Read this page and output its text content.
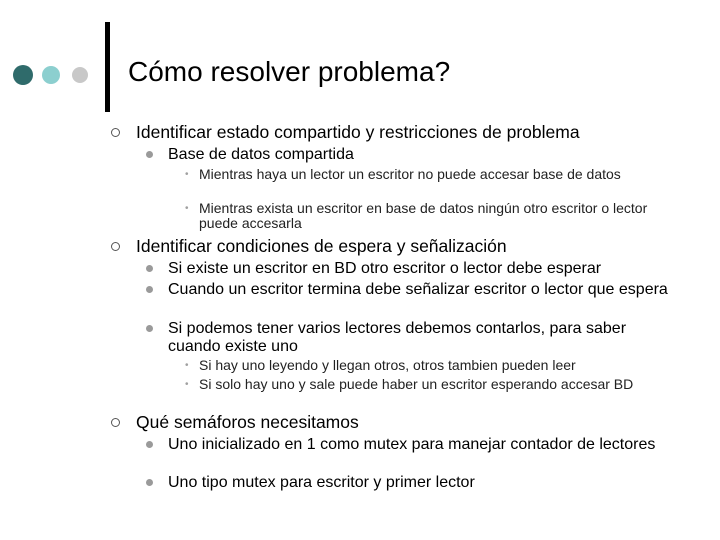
Cómo resolver problema?
Identificar estado compartido y restricciones de problema
Base de datos compartida
• Mientras haya un lector un escritor no puede accesar base de datos
• Mientras exista un escritor en base de datos ningún otro escritor o lector puede accesarla
Identificar condiciones de espera y señalización
Si existe un escritor en BD otro escritor o lector debe esperar
Cuando un escritor termina debe señalizar escritor o lector que espera
Si podemos tener varios lectores debemos contarlos, para saber cuando existe uno
• Si hay uno leyendo y llegan otros, otros tambien pueden leer
• Si solo hay uno y sale puede haber un escritor esperando accesar BD
Qué semáforos necesitamos
Uno inicializado en 1 como mutex para manejar contador de lectores
Uno tipo mutex para escritor y primer lector
